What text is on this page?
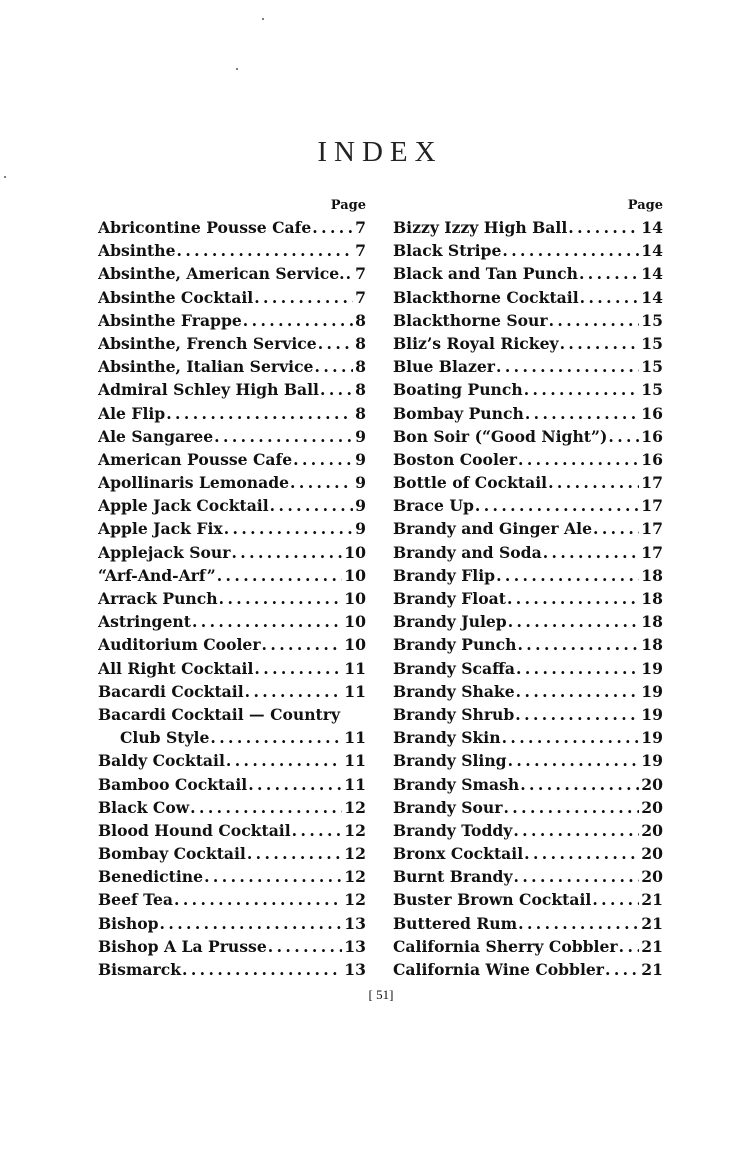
INDEX
Page
Abricontine Pousse Cafe .....	7
Absinthe .....	7
Absinthe, American Service. ..... 7
Absinthe Cocktail .....	7
Absinthe Frappe .....	8
Absinthe, French Service ..... 8
Absinthe, Italian Service .....	8
Admiral Schley High Ball ..... 8
Ale Flip .....	8
Ale Sangaree .....	9
American Pousse Cafe .....	9
Apollinaris Lemonade .....	9
Apple Jack Cocktail .....	9
Apple Jack Fix .....	9
Applejack Sour .....	10
“Arf-And-Arf” .....	10
Arrack Punch .....	10
Astringent .....	10
Auditorium Cooler .....	10
All Right Cocktail .....	11
Bacardi Cocktail .....	11
Bacardi Cocktail — Country
Club Style .....	11
Baldy Cocktail .....	11
Bamboo Cocktail .....	11
Black Cow .....	12
Blood Hound Cocktail .....	12
Bombay Cocktail .....	12
Benedictine .....	12
Beef Tea .....	12
Bishop .....	13
Bishop A La Prusse .....	13
Bismarck .....	13
Page
Bizzy Izzy High Ball .....	14
Black Stripe .....	14
Black and Tan Punch .....	14
Blackthorne Cocktail .....	14
Blackthorne Sour .....	15
Bliz’s Royal Rickey .....	15
Blue Blazer .....	15
Boating Punch .....	15
Bombay Punch .....	16
Bon Soir (“Good Night”) ..... 16
Boston Cooler .....	16
Bottle of Cocktail .....	17
Brace Up .....	17
Brandy and Ginger Ale .....	17
Brandy and Soda .....	17
Brandy Flip .....	18
Brandy Float .....	18
Brandy Julep .....	18
Brandy Punch .....	18
Brandy Scaffa .....	19
Brandy Shake .....	19
Brandy Shrub .....	19
Brandy Skin .....	19
Brandy Sling .....	19
Brandy Smash .....	20
Brandy Sour .....	20
Brandy Toddy .....	20
Bronx Cocktail .....	20
Burnt Brandy .....	20
Buster Brown Cocktail .....	21
Buttered Rum .....	21
California Sherry Cobbler ..... 21
California Wine Cobbler ..... 21
[ 51]
